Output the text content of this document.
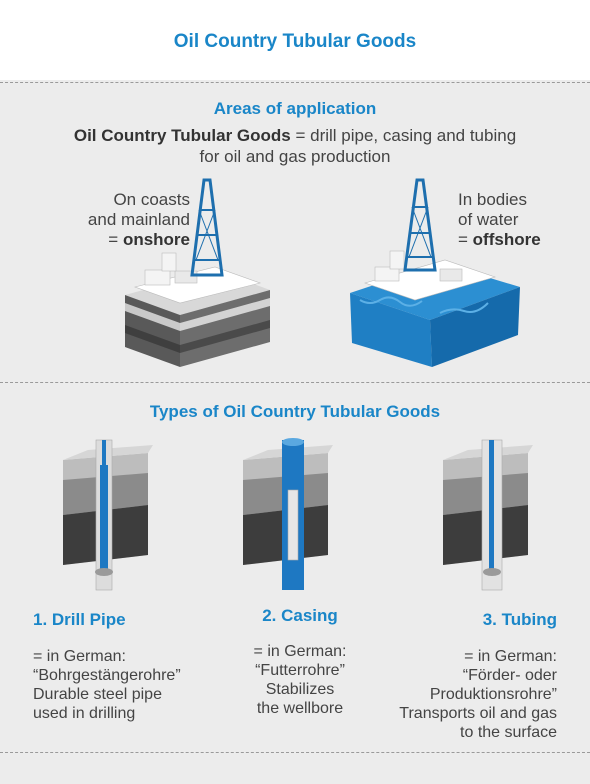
Oil Country Tubular Goods
Areas of application
Oil Country Tubular Goods = drill pipe, casing and tubing
for oil and gas production
On coasts
and mainland
= onshore
In bodies
of water
= offshore
Types of Oil Country Tubular Goods
1. Drill Pipe
= in German:
“Bohrgestängerohre”
Durable steel pipe
used in drilling
2. Casing
= in German:
“Futterrohre”
Stabilizes
the wellbore
3. Tubing
= in German:
“Förder- oder
Produktionsrohre”
Transports oil and gas
to the surface
